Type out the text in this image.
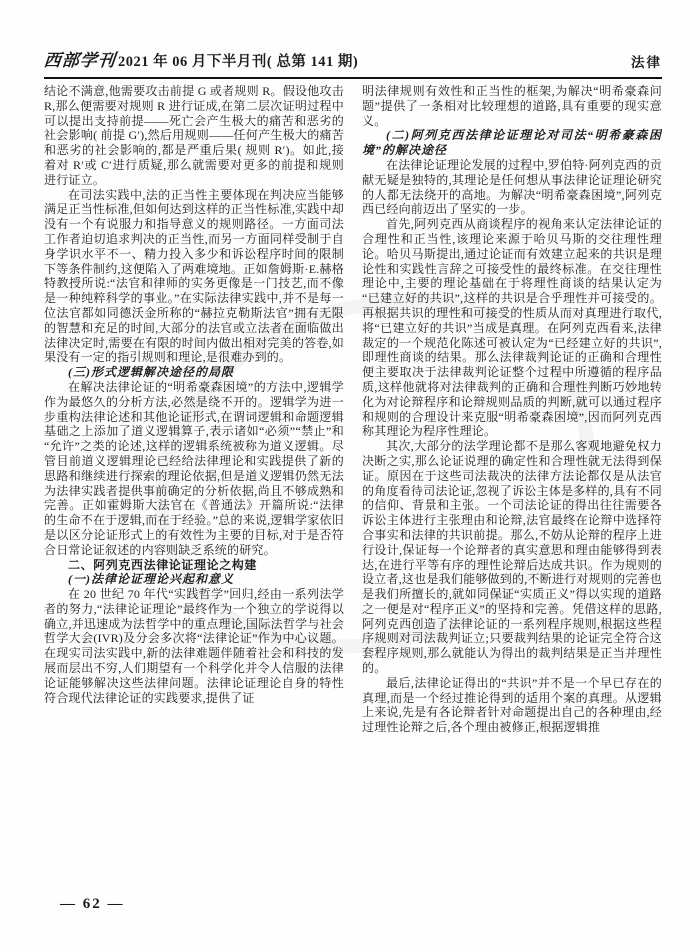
西部学刊 2021 年 06 月下半月刊( 总第 141 期)	法律

结论不满意,他需要攻击前提 G 或者规则 R。假设他攻击 R,那么便需要对规则 R 进行证成,在第二层次证明过程中可以提出支持前提——死亡会产生极大的痛苦和恶劣的社会影响( 前提 G′),然后用规则——任何产生极大的痛苦和恶劣的社会影响的,都是严重后果( 规则 R′)。如此,接着对 R′或 C′进行质疑,那么就需要对更多的前提和规则进行证立。

在司法实践中,法的正当性主要体现在判决应当能够满足正当性标准,但如何达到这样的正当性标准,实践中却没有一个有说服力和指导意义的规则路径。一方面司法工作者迫切追求判决的正当性,而另一方面同样受制于自身学识水平不一、精力投入多少和诉讼程序时间的限制下等条件制约,这便陷入了两难境地。正如詹姆斯·E.赫格特教授所说:“法官和律师的实务更像是一门技艺,而不像是一种纯粹科学的事业。”在实际法律实践中,并不是每一位法官都如同德沃金所称的“赫拉克勒斯法官”拥有无限的智慧和充足的时间,大部分的法官或立法者在面临做出法律决定时,需要在有限的时间内做出相对完美的答卷,如果没有一定的指引规则和理论,是很难办到的。

(三)形式逻辑解决途径的局限

在解决法律论证的“明希豪森困境”的方法中,逻辑学作为最悠久的分析方法,必然是绕不开的。逻辑学为进一步重构法律论述和其他论证形式,在谓词逻辑和命题逻辑基础之上添加了道义逻辑算子,表示诸如“必须”“禁止”和“允许”之类的论述,这样的逻辑系统被称为道义逻辑。尽管目前道义逻辑理论已经给法律理论和实践提供了新的思路和继续进行探索的理论依据,但是道义逻辑仍然无法为法律实践者提供事前确定的分析依据,尚且不够成熟和完善。正如霍姆斯大法官在《普通法》开篇所说:“法律的生命不在于逻辑,而在于经验。”总的来说,逻辑学家依旧是以区分论证形式上的有效性为主要的目标,对于是否符合日常论证叙述的内容则缺乏系统的研究。

二、阿列克西法律论证理论之构建

(一)法律论证理论兴起和意义

在 20 世纪 70 年代“实践哲学”回归,经由一系列法学者的努力,“法律论证理论”最终作为一个独立的学说得以确立,并迅速成为法哲学中的重点理论,国际法哲学与社会哲学大会(IVR)及分会多次将“法律论证”作为中心议题。在现实司法实践中,新的法律难题伴随着社会和科技的发展而层出不穷,人们期望有一个科学化并令人信服的法律论证能够解决这些法律问题。法律论证理论自身的特性符合现代法律论证的实践要求,提供了证

明法律规则有效性和正当性的框架,为解决“明希豪森问题”提供了一条相对比较理想的道路,具有重要的现实意义。

(二)阿列克西法律论证理论对司法“明希豪森困境”的解决途径

在法律论证理论发展的过程中,罗伯特·阿列克西的贡献无疑是独特的,其理论是任何想从事法律论证理论研究的人都无法绕开的高地。为解决“明希豪森困境”,阿列克西已经向前迈出了坚实的一步。

首先,阿列克西从商谈程序的视角来认定法律论证的合理性和正当性,该理论来源于哈贝马斯的交往理性理论。哈贝马斯提出,通过论证而有效建立起来的共识是理论性和实践性言辞之可接受性的最终标准。在交往理性理论中,主要的理论基础在于将理性商谈的结果认定为“已建立好的共识”,这样的共识是合乎理性并可接受的。再根据共识的理性和可接受的性质从而对真理进行取代,将“已建立好的共识”当成是真理。在阿列克西看来,法律裁定的一个规范化陈述可被认定为“已经建立好的共识”,即理性商谈的结果。那么法律裁判论证的正确和合理性便主要取决于法律裁判论证整个过程中所遵循的程序品质,这样他就将对法律裁判的正确和合理性判断巧妙地转化为对论辩程序和论辩规则品质的判断,就可以通过程序和规则的合理设计来克服“明希豪森困境”,因而阿列克西称其理论为程序性理论。

其次,大部分的法学理论都不是那么客观地避免权力决断之实,那么论证说理的确定性和合理性就无法得到保证。原因在于这些司法裁决的法律方法论都仅是从法官的角度看待司法论证,忽视了诉讼主体是多样的,具有不同的信仰、背景和主张。一个司法论证的得出往往需要各诉讼主体进行主张理由和论辩,法官最终在论辩中选择符合事实和法律的共识前提。那么,不妨从论辩的程序上进行设计,保证每一个论辩者的真实意思和理由能够得到表达,在进行平等有序的理性论辩后达成共识。作为规则的设立者,这也是我们能够做到的,不断进行对规则的完善也是我们所擅长的,就如同保证“实质正义”得以实现的道路之一便是对“程序正义”的坚持和完善。凭借这样的思路,阿列克西创造了法律论证的一系列程序规则,根据这些程序规则对司法裁判证立;只要裁判结果的论证完全符合这套程序规则,那么就能认为得出的裁判结果是正当并理性的。

最后,法律论证得出的“共识”并不是一个早已存在的真理,而是一个经过推论得到的适用个案的真理。从逻辑上来说,先是有各论辩者针对命题提出自己的各种理由,经过理性论辩之后,各个理由被修正,根据逻辑推

— 62 —
